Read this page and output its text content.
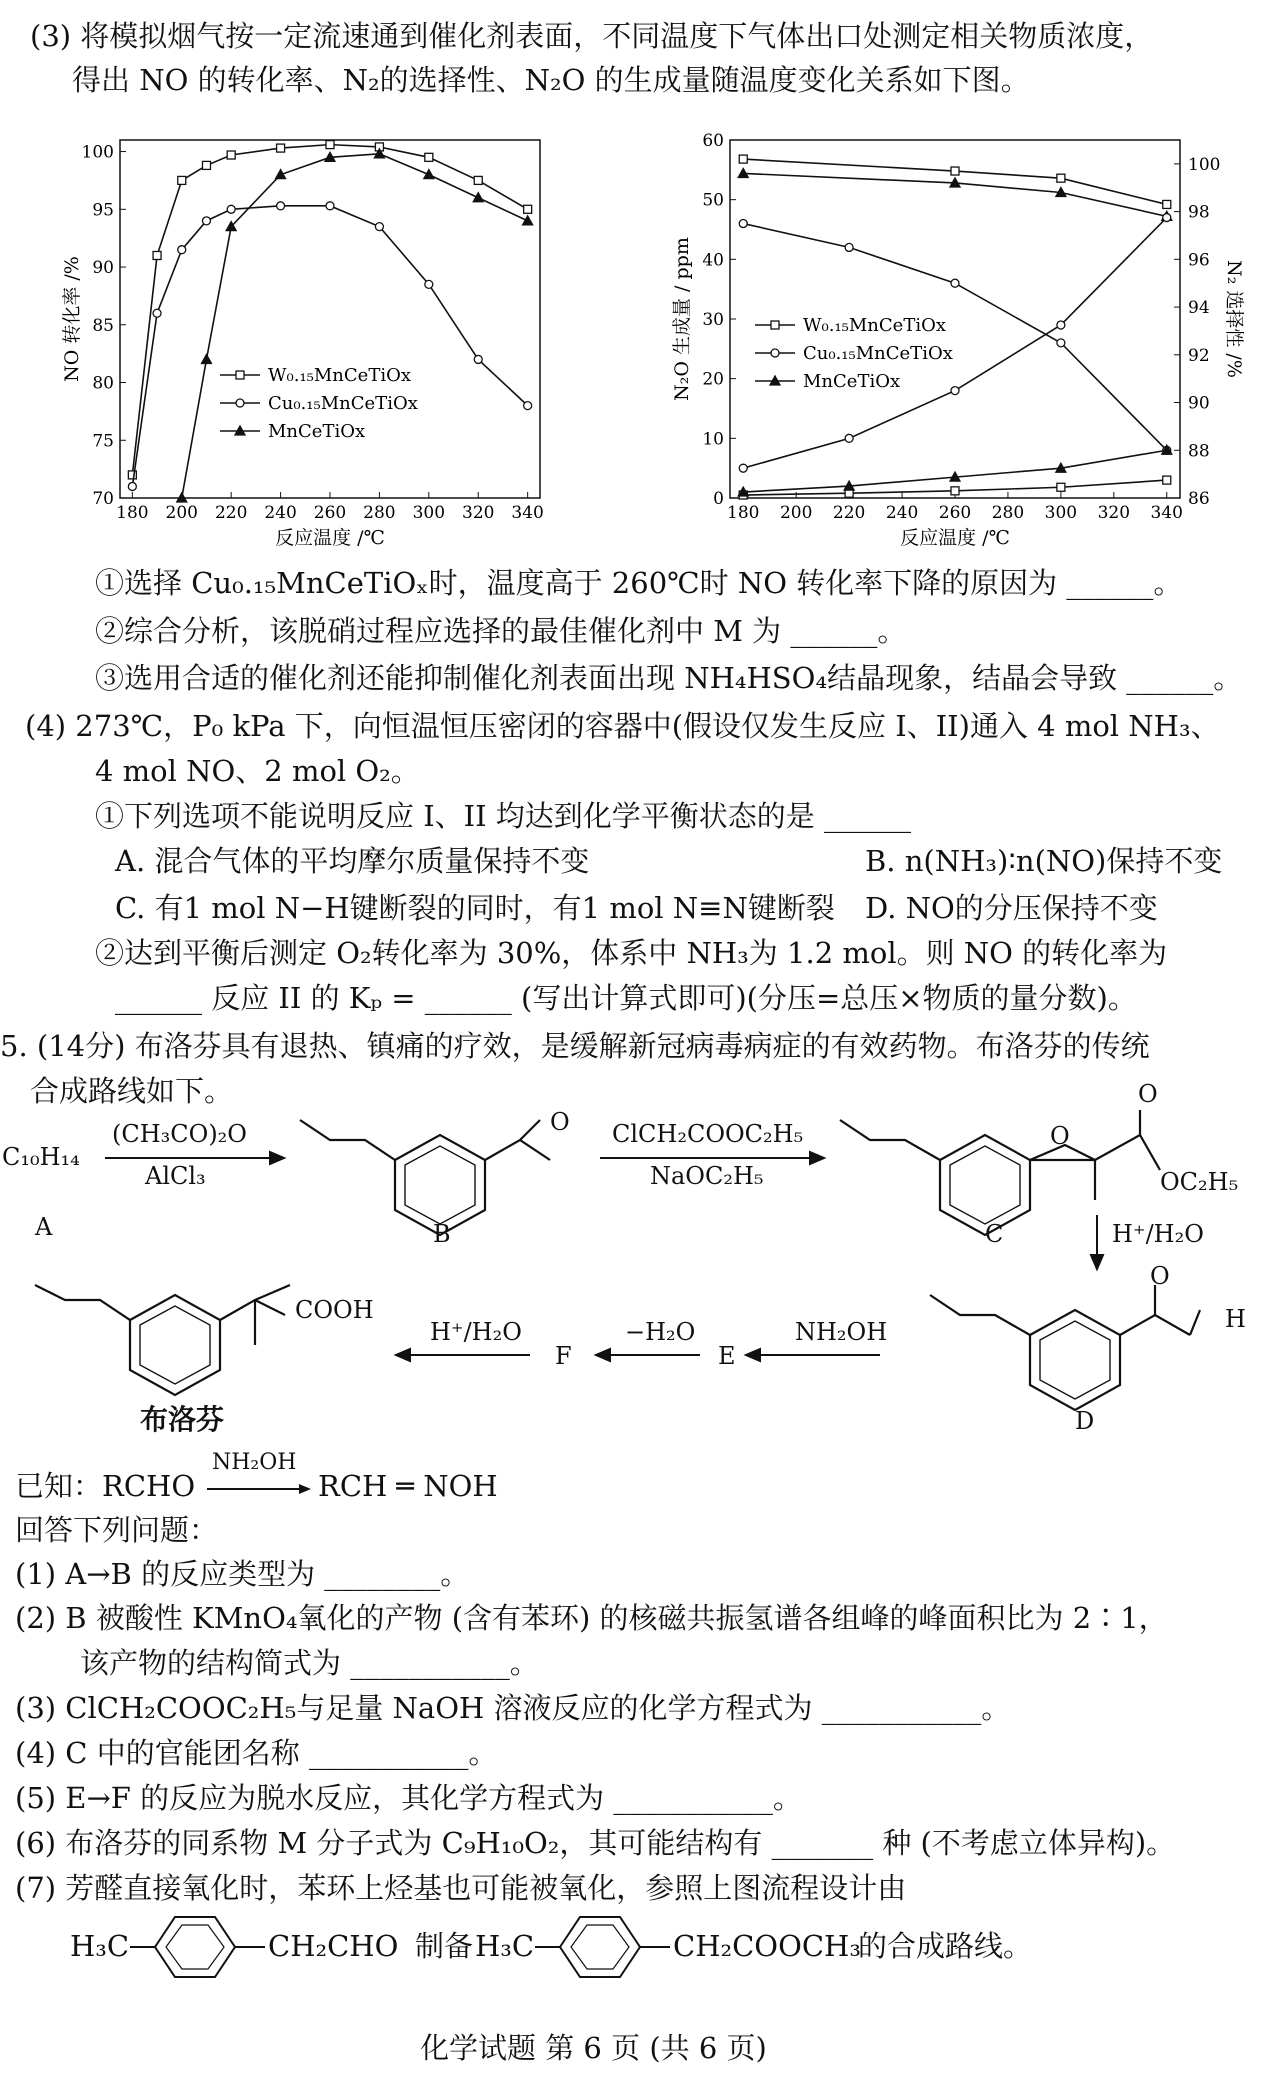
(3) 将模拟烟气按一定流速通到催化剂表面，不同温度下气体出口处测定相关物质浓度，
得出 NO 的转化率、N₂的选择性、N₂O 的生成量随温度变化关系如下图。
180 200 220 240 260 280 300 320 340
70
75
80
85
90
95
100
反应温度 /℃
NO 转化率 /%	W₀.₁₅MnCeTiOx
Cu₀.₁₅MnCeTiOx
MnCeTiOx
180 200 220 240 260 280 300 320 340
0
10
20
30
40
50
60
86
88
90
92
94
96
98
100
反应温度 /℃
N₂O 生成量 / ppm	N₂ 选择性 /%
W₀.₁₅MnCeTiOx
Cu₀.₁₅MnCeTiOx
MnCeTiOx
①选择 Cu₀.₁₅MnCeTiOₓ时，温度高于 260℃时 NO 转化率下降的原因为 ______。
②综合分析，该脱硝过程应选择的最佳催化剂中 M 为 ______。
③选用合适的催化剂还能抑制催化剂表面出现 NH₄HSO₄结晶现象，结晶会导致 ______。
(4) 273℃，P₀ kPa 下，向恒温恒压密闭的容器中(假设仅发生反应 I、II)通入 4 mol NH₃、
4 mol NO、2 mol O₂。
①下列选项不能说明反应 I、II 均达到化学平衡状态的是 ______
A. 混合气体的平均摩尔质量保持不变	B. n(NH₃)∶n(NO)保持不变
C. 有1 mol N−H键断裂的同时，有1 mol N≡N键断裂 D. NO的分压保持不变
②达到平衡后测定 O₂转化率为 30%，体系中 NH₃为 1.2 mol。则 NO 的转化率为
______ 反应 II 的 Kₚ = ______ (写出计算式即可)(分压=总压×物质的量分数)。
5. (14分) 布洛芬具有退热、镇痛的疗效，是缓解新冠病毒病症的有效药物。布洛芬的传统
合成路线如下。
C₁₀H₁₄
(CH₃CO)₂O
AlCl₃
A
O
B
ClCH₂COOC₂H₅
NaOC₂H₅
O
O
OC₂H₅
C	H⁺/H₂O
O
H
D
NH₂OH
E
−H₂O
F
H⁺/H₂O
COOH
布洛芬
已知：RCHO
NH₂OH
RCH ═ NOH
回答下列问题：
(1) A→B 的反应类型为 ________。
(2) B 被酸性 KMnO₄氧化的产物 (含有苯环) 的核磁共振氢谱各组峰的峰面积比为 2∶1，
该产物的结构简式为 ___________。
(3) ClCH₂COOC₂H₅与足量 NaOH 溶液反应的化学方程式为 ___________。
(4) C 中的官能团名称 ___________。
(5) E→F 的反应为脱水反应，其化学方程式为 ___________。
(6) 布洛芬的同系物 M 分子式为 C₉H₁₀O₂，其可能结构有 _______ 种 (不考虑立体异构)。
(7) 芳醛直接氧化时，苯环上烃基也可能被氧化，参照上图流程设计由
H₃C	CH₂CHO 制备 H₃C	CH₂COOCH₃
的合成路线。
化学试题 第 6 页 (共 6 页)
